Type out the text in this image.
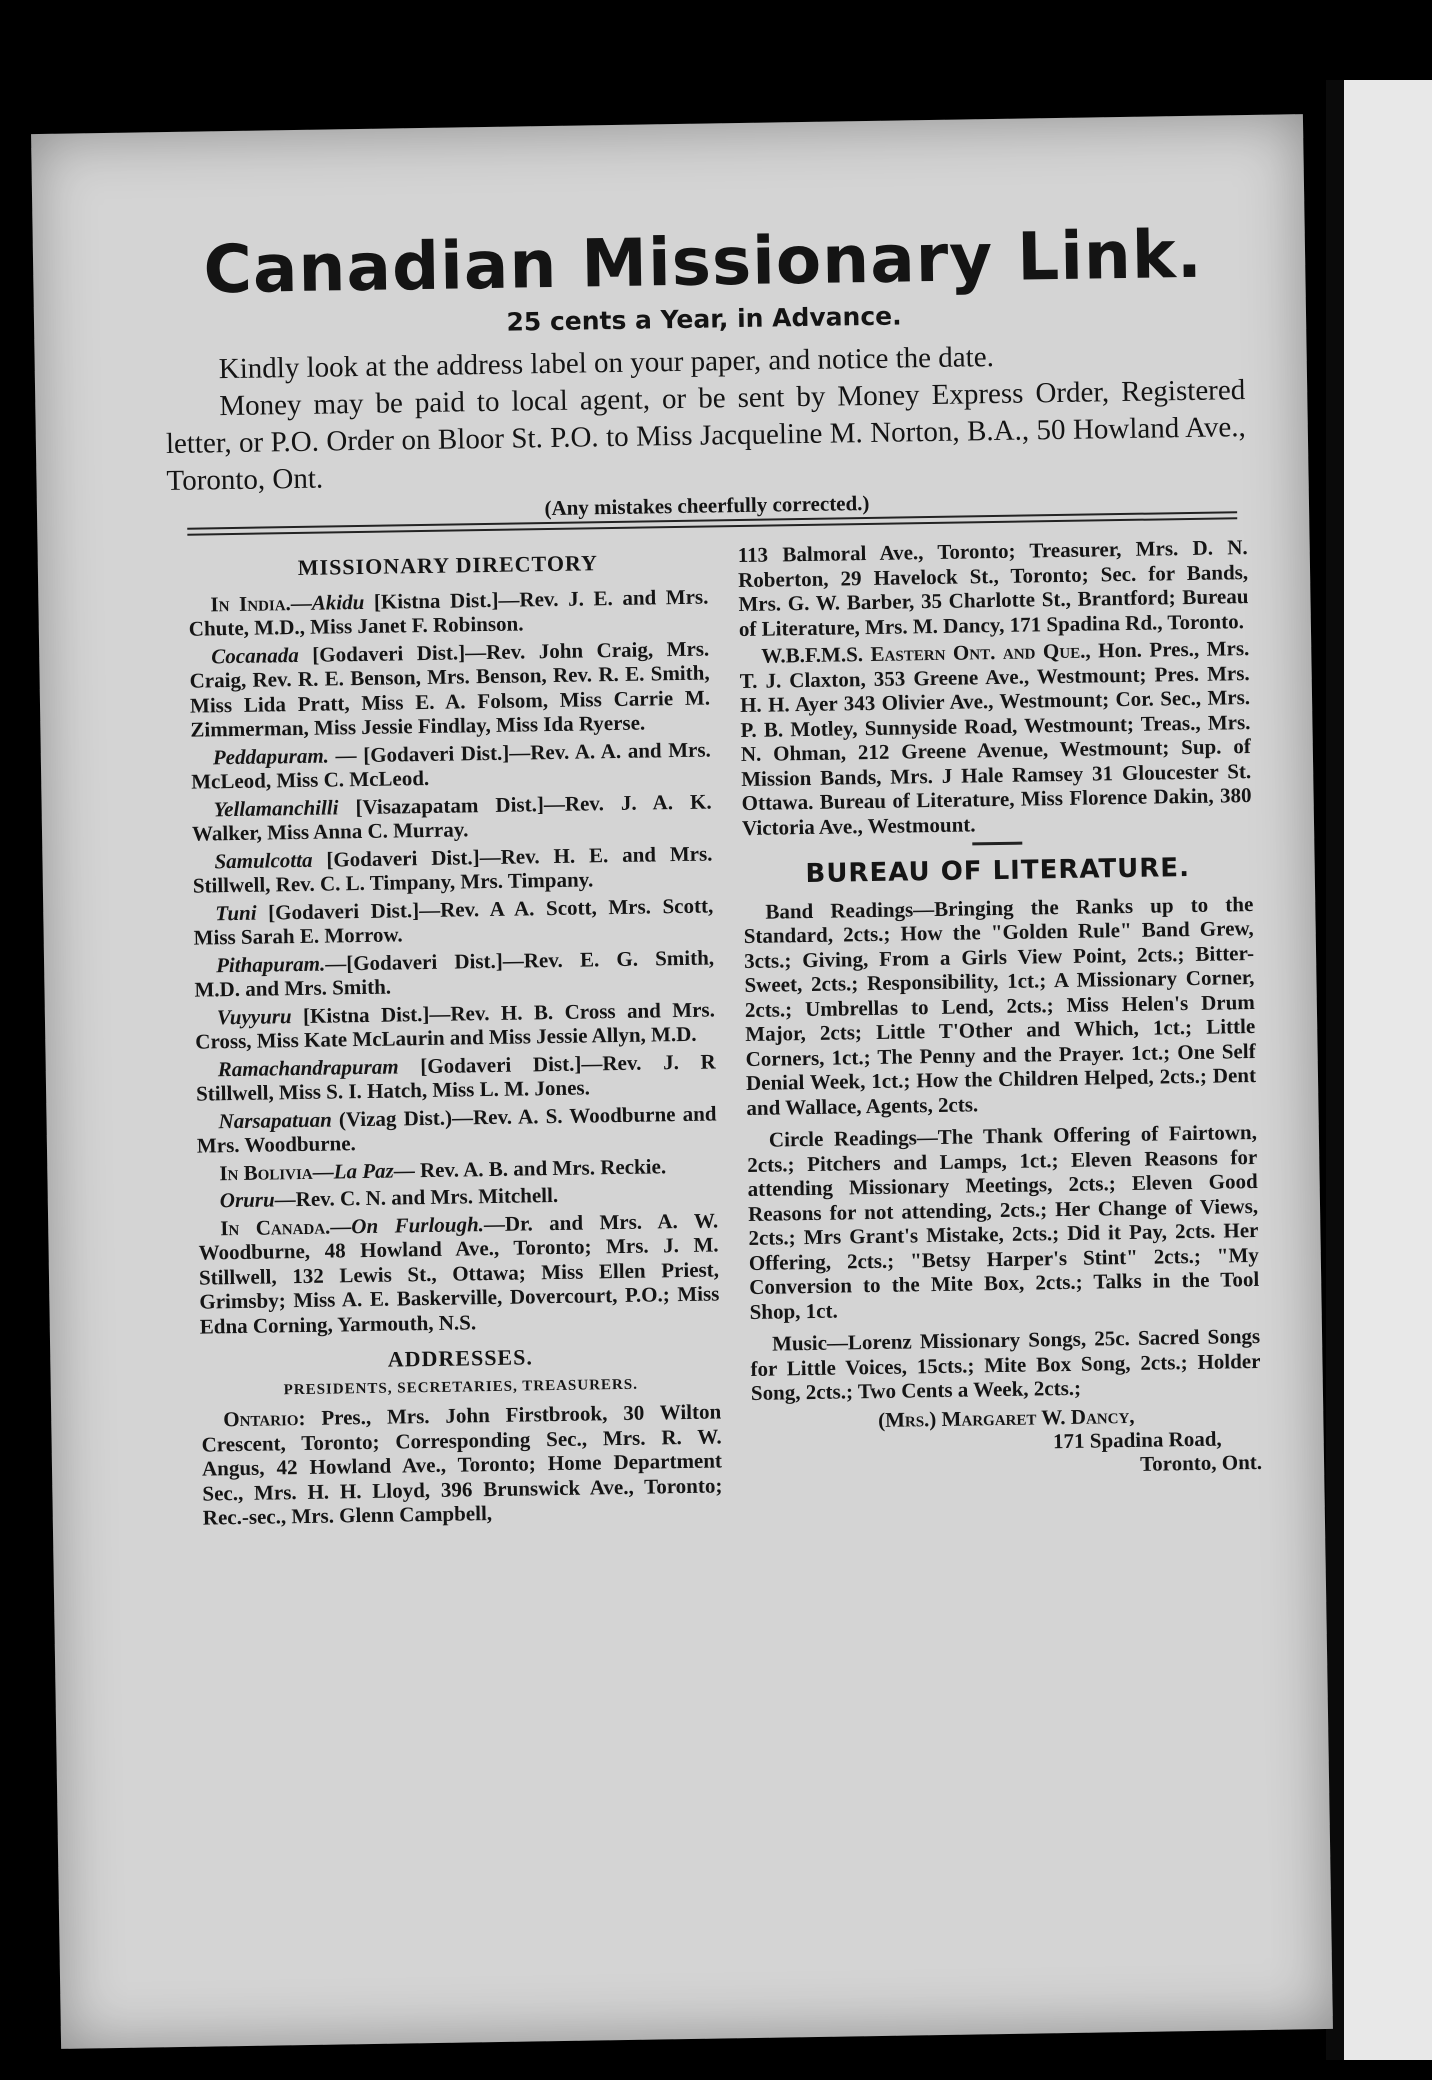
Canadian Missionary Link.
25 cents a Year, in Advance.

Kindly look at the address label on your paper, and notice the date.

Money may be paid to local agent, or be sent by Money Express Order, Registered letter, or P.O. Order on Bloor St. P.O. to Miss Jacqueline M. Norton, B.A., 50 Howland Ave., Toronto, Ont.

(Any mistakes cheerfully corrected.)
MISSIONARY DIRECTORY

In India.—Akidu [Kistna Dist.]—Rev. J. E. and Mrs. Chute, M.D., Miss Janet F. Robinson.

Cocanada [Godaveri Dist.]—Rev. John Craig, Mrs. Craig, Rev. R. E. Benson, Mrs. Benson, Rev. R. E. Smith, Miss Lida Pratt, Miss E. A. Folsom, Miss Carrie M. Zimmerman, Miss Jessie Findlay, Miss Ida Ryerse.

Peddapuram. — [Godaveri Dist.]—Rev. A. A. and Mrs. McLeod, Miss C. McLeod.

Yellamanchilli [Visazapatam Dist.]—Rev. J. A. K. Walker, Miss Anna C. Murray.

Samulcotta [Godaveri Dist.]—Rev. H. E. and Mrs. Stillwell, Rev. C. L. Timpany, Mrs. Timpany.

Tuni [Godaveri Dist.]—Rev. A A. Scott, Mrs. Scott, Miss Sarah E. Morrow.

Pithapuram.—[Godaveri Dist.]—Rev. E. G. Smith, M.D. and Mrs. Smith.

Vuyyuru [Kistna Dist.]—Rev. H. B. Cross and Mrs. Cross, Miss Kate McLaurin and Miss Jessie Allyn, M.D.

Ramachandrapuram [Godaveri Dist.]—Rev. J. R Stillwell, Miss S. I. Hatch, Miss L. M. Jones.

Narsapatuan (Vizag Dist.)—Rev. A. S. Woodburne and Mrs. Woodburne.

In Bolivia—La Paz— Rev. A. B. and Mrs. Reckie.

Oruru—Rev. C. N. and Mrs. Mitchell.

In Canada.—On Furlough.—Dr. and Mrs. A. W. Woodburne, 48 Howland Ave., Toronto; Mrs. J. M. Stillwell, 132 Lewis St., Ottawa; Miss Ellen Priest, Grimsby; Miss A. E. Baskerville, Dovercourt, P.O.; Miss Edna Corning, Yarmouth, N.S.

ADDRESSES.
PRESIDENTS, SECRETARIES, TREASURERS.

Ontario: Pres., Mrs. John Firstbrook, 30 Wilton Crescent, Toronto; Corresponding Sec., Mrs. R. W. Angus, 42 Howland Ave., Toronto; Home Department Sec., Mrs. H. H. Lloyd, 396 Brunswick Ave., Toronto; Rec.-sec., Mrs. Glenn Campbell,

113 Balmoral Ave., Toronto; Treasurer, Mrs. D. N. Roberton, 29 Havelock St., Toronto; Sec. for Bands, Mrs. G. W. Barber, 35 Charlotte St., Brantford; Bureau of Literature, Mrs. M. Dancy, 171 Spadina Rd., Toronto.

W.B.F.M.S. Eastern Ont. and Que., Hon. Pres., Mrs. T. J. Claxton, 353 Greene Ave., Westmount; Pres. Mrs. H. H. Ayer 343 Olivier Ave., Westmount; Cor. Sec., Mrs. P. B. Motley, Sunnyside Road, Westmount; Treas., Mrs. N. Ohman, 212 Greene Avenue, Westmount; Sup. of Mission Bands, Mrs. J Hale Ramsey 31 Gloucester St. Ottawa. Bureau of Literature, Miss Florence Dakin, 380 Victoria Ave., Westmount.

BUREAU OF LITERATURE.

Band Readings—Bringing the Ranks up to the Standard, 2cts.; How the "Golden Rule" Band Grew, 3cts.; Giving, From a Girls View Point, 2cts.; Bitter-Sweet, 2cts.; Responsibility, 1ct.; A Missionary Corner, 2cts.; Umbrellas to Lend, 2cts.; Miss Helen's Drum Major, 2cts; Little T'Other and Which, 1ct.; Little Corners, 1ct.; The Penny and the Prayer. 1ct.; One Self Denial Week, 1ct.; How the Children Helped, 2cts.; Dent and Wallace, Agents, 2cts.

Circle Readings—The Thank Offering of Fairtown, 2cts.; Pitchers and Lamps, 1ct.; Eleven Reasons for attending Missionary Meetings, 2cts.; Eleven Good Reasons for not attending, 2cts.; Her Change of Views, 2cts.; Mrs Grant's Mistake, 2cts.; Did it Pay, 2cts. Her Offering, 2cts.; "Betsy Harper's Stint" 2cts.; "My Conversion to the Mite Box, 2cts.; Talks in the Tool Shop, 1ct.

Music—Lorenz Missionary Songs, 25c. Sacred Songs for Little Voices, 15cts.; Mite Box Song, 2cts.; Holder Song, 2cts.; Two Cents a Week, 2cts.;

(Mrs.) Margaret W. Dancy,
171 Spadina Road,
Toronto, Ont.
